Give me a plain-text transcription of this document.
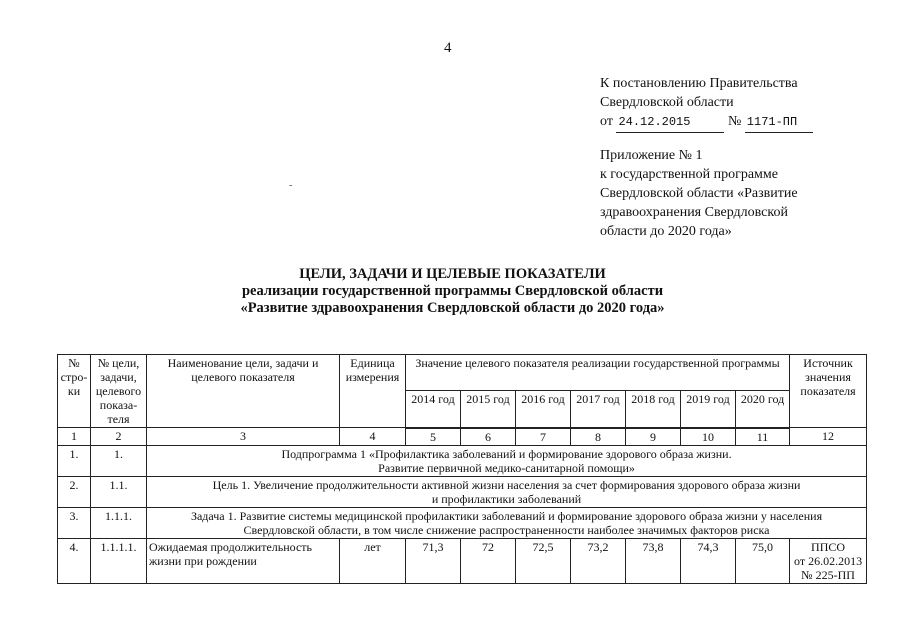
4
К постановлению Правительства
Свердловской области
от 24.12.2015	№ 1171-ПП
Приложение № 1
к государственной программе
Свердловской области «Развитие
здравоохранения Свердловской
области до 2020 года»
-
ЦЕЛИ, ЗАДАЧИ И ЦЕЛЕВЫЕ ПОКАЗАТЕЛИ
реализации государственной программы Свердловской области
«Развитие здравоохранения Свердловской области до 2020 года»
№ стро-ки	№ цели, задачи, целевого показа-теля	Наименование цели, задачи и целевого показателя	Единица измерения	Значение целевого показателя реализации государственной программы							Источник значения показателя
				2014 год	2015 год	2016 год	2017 год	2018 год	2019 год	2020 год	
1	2	3	4	5	6	7	8	9	10	11	12
1.	1.	Подпрограмма 1 «Профилактика заболеваний и формирование здорового образа жизни.
Развитие первичной медико-санитарной помощи»									

2.	1.1.	Цель 1. Увеличение продолжительности активной жизни населения за счет формирования здорового образа жизни
и профилактики заболеваний									

3.	1.1.1.	Задача 1. Развитие системы медицинской профилактики заболеваний и формирование здорового образа жизни у населения
Свердловской области, в том числе снижение распространенности наиболее значимых факторов риска									

4.	1.1.1.1.	Ожидаемая продолжительность жизни при рождении	лет	71,3	72	72,5	73,2	73,8	74,3	75,0	ППСО
от 26.02.2013
№ 225-ПП
